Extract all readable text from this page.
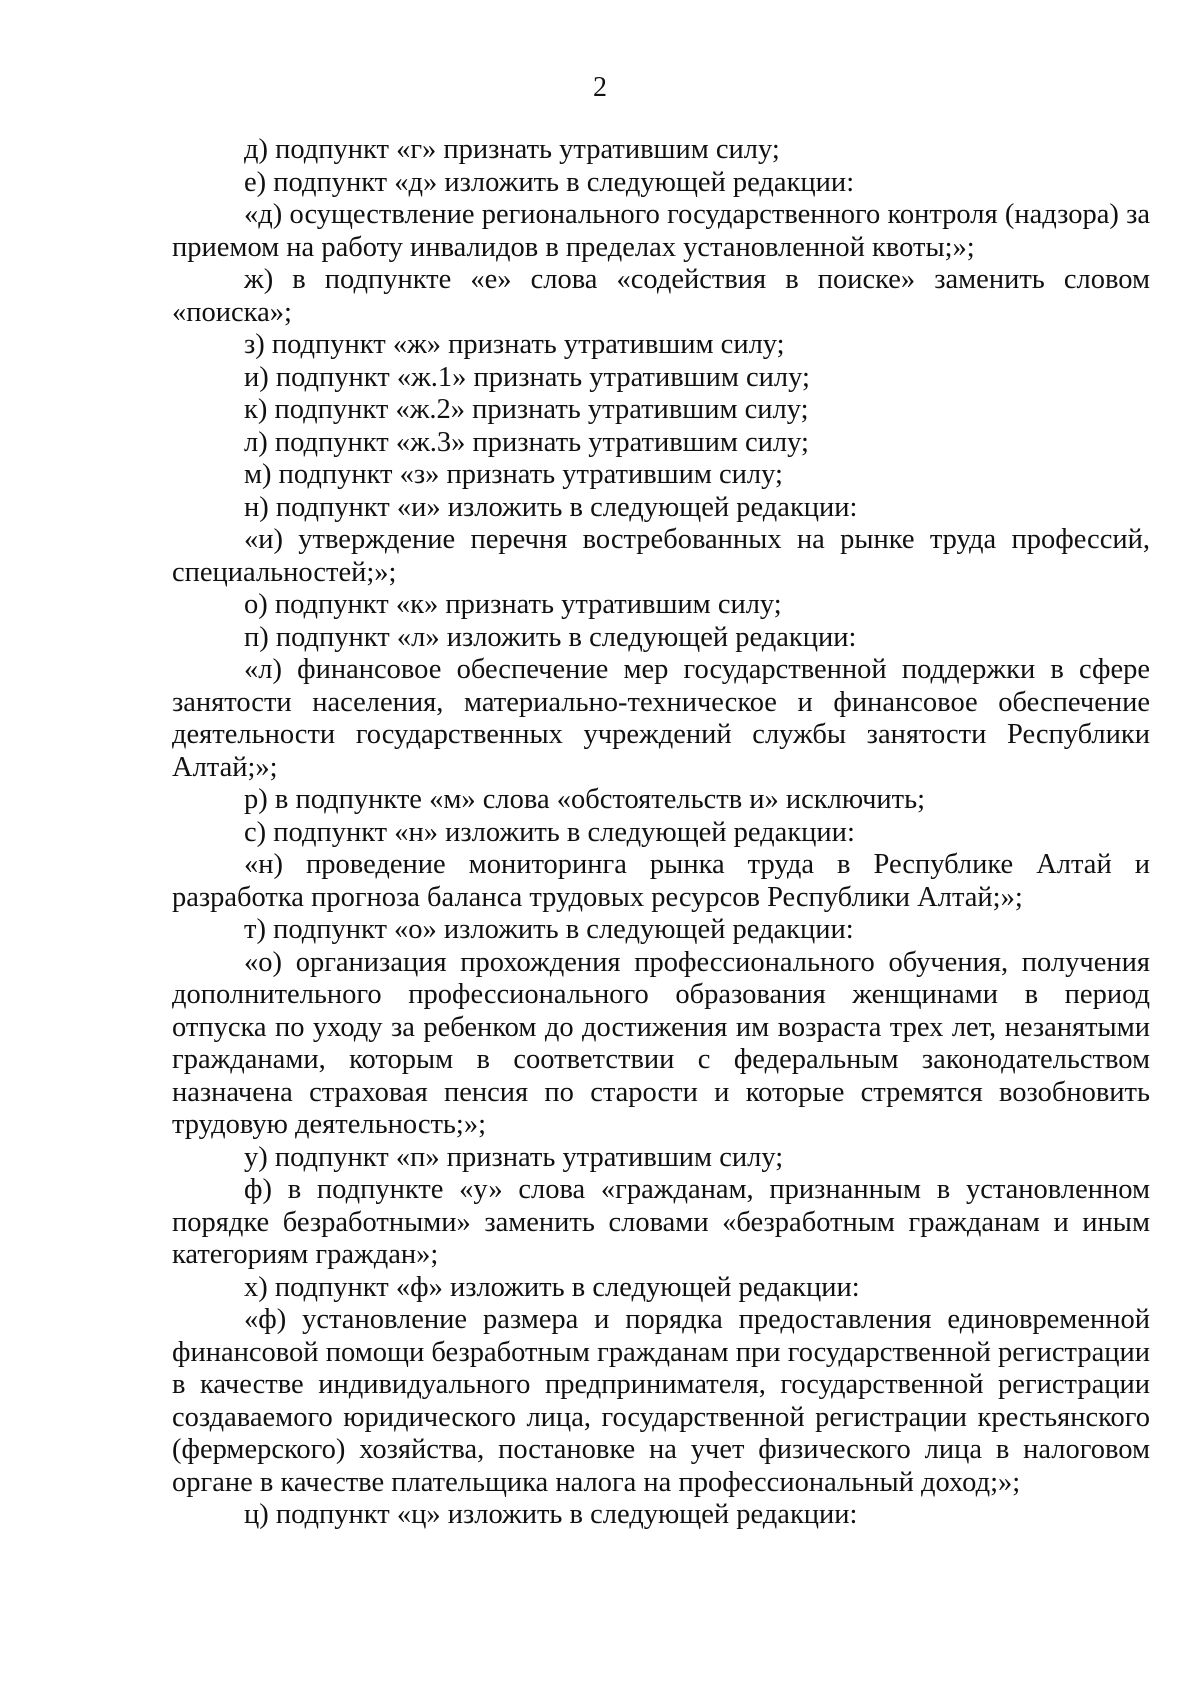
2

д) подпункт «г» признать утратившим силу;

е) подпункт «д» изложить в следующей редакции:

«д) осуществление регионального государственного контроля (надзора) за приемом на работу инвалидов в пределах установленной квоты;»;

ж) в подпункте «е» слова «содействия в поиске» заменить словом «поиска»;

з) подпункт «ж» признать утратившим силу;

и) подпункт «ж.1» признать утратившим силу;

к) подпункт «ж.2» признать утратившим силу;

л) подпункт «ж.3» признать утратившим силу;

м) подпункт «з» признать утратившим силу;

н) подпункт «и» изложить в следующей редакции:

«и) утверждение перечня востребованных на рынке труда профессий, специальностей;»;

о) подпункт «к» признать утратившим силу;

п) подпункт «л» изложить в следующей редакции:

«л) финансовое обеспечение мер государственной поддержки в сфере занятости населения, материально-техническое и финансовое обеспечение деятельности государственных учреждений службы занятости Республики Алтай;»;

р) в подпункте «м» слова «обстоятельств и» исключить;

с) подпункт «н» изложить в следующей редакции:

«н) проведение мониторинга рынка труда в Республике Алтай и разработка прогноза баланса трудовых ресурсов Республики Алтай;»;

т) подпункт «о» изложить в следующей редакции:

«о) организация прохождения профессионального обучения, получения дополнительного профессионального образования женщинами в период отпуска по уходу за ребенком до достижения им возраста трех лет, незанятыми гражданами, которым в соответствии с федеральным законодательством назначена страховая пенсия по старости и которые стремятся возобновить трудовую деятельность;»;

у) подпункт «п» признать утратившим силу;

ф) в подпункте «у» слова «гражданам, признанным в установленном порядке безработными» заменить словами «безработным гражданам и иным категориям граждан»;

х) подпункт «ф» изложить в следующей редакции:

«ф) установление размера и порядка предоставления единовременной финансовой помощи безработным гражданам при государственной регистрации в качестве индивидуального предпринимателя, государственной регистрации создаваемого юридического лица, государственной регистрации крестьянского (фермерского) хозяйства, постановке на учет физического лица в налоговом органе в качестве плательщика налога на профессиональный доход;»;

ц) подпункт «ц» изложить в следующей редакции:
